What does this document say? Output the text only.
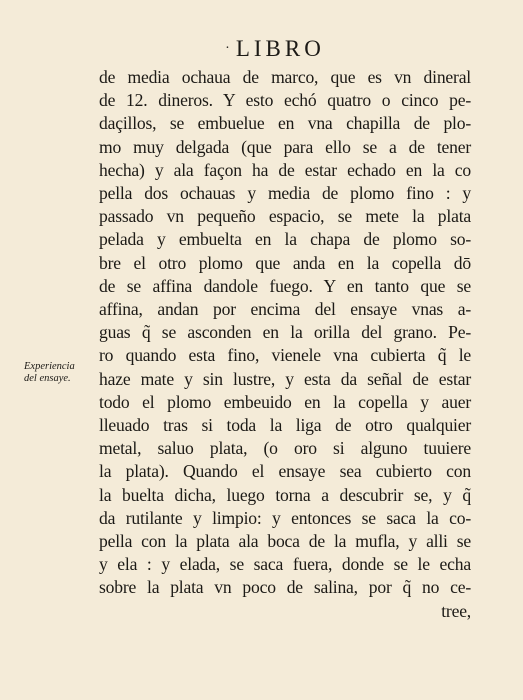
·LIBRO
Experiencia
del ensaye.
de media ochaua de marco, que es vn dineral
de 12. dineros. Y esto echó quatro o cinco pe-
daçillos, se embuelue en vna chapilla de plo-
mo muy delgada (que para ello se a de tener
hecha) y ala façon ha de estar echado en la co
pella dos ochauas y media de plomo fino : y
passado vn pequeño espacio, se mete la plata
pelada y embuelta en la chapa de plomo so-
bre el otro plomo que anda en la copella dō
de se affina dandole fuego. Y en tanto que se
affina, andan por encima del ensaye vnas a-
guas q̃ se asconden en la orilla del grano. Pe-
ro quando esta fino, vienele vna cubierta q̃ le
haze mate y sin lustre, y esta da señal de estar
todo el plomo embeuido en la copella y auer
lleuado tras si toda la liga de otro qualquier
metal, saluo plata, (o oro si alguno tuuiere
la plata). Quando el ensaye sea cubierto con
la buelta dicha, luego torna a descubrir se, y q̃
da rutilante y limpio: y entonces se saca la co-
pella con la plata ala boca de la mufla, y alli se
y ela : y elada, se saca fuera, donde se le echa
sobre la plata vn poco de salina, por q̃ no ce-
tree,
